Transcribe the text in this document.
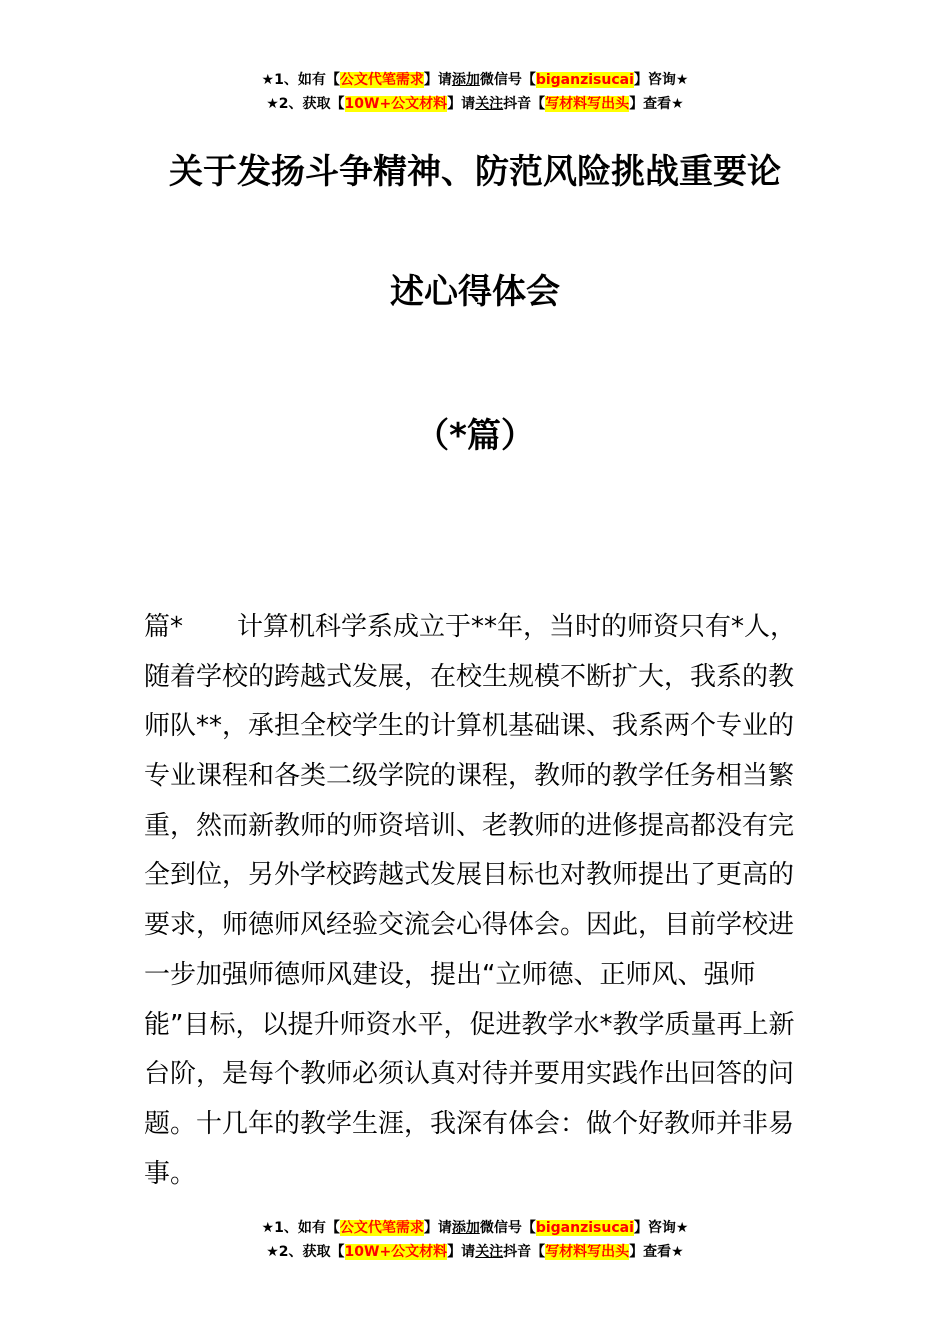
★1、如有【公文代笔需求】请添加微信号【biganzisucai】咨询★
★2、获取【10W+公文材料】请关注抖音【写材料写出头】查看★
关于发扬斗争精神、防范风险挑战重要论
述心得体会
（*篇）
篇* 计算机科学系成立于**年，当时的师资只有*人，
随着学校的跨越式发展，在校生规模不断扩大，我系的教
师队**，承担全校学生的计算机基础课、我系两个专业的
专业课程和各类二级学院的课程，教师的教学任务相当繁
重，然而新教师的师资培训、老教师的进修提高都没有完
全到位，另外学校跨越式发展目标也对教师提出了更高的
要求，师德师风经验交流会心得体会。因此，目前学校进
一步加强师德师风建设，提出“立师德、正师风、强师
能”目标，以提升师资水平，促进教学水*教学质量再上新
台阶，是每个教师必须认真对待并要用实践作出回答的问
题。十几年的教学生涯，我深有体会：做个好教师并非易
事。
★1、如有【公文代笔需求】请添加微信号【biganzisucai】咨询★
★2、获取【10W+公文材料】请关注抖音【写材料写出头】查看★
